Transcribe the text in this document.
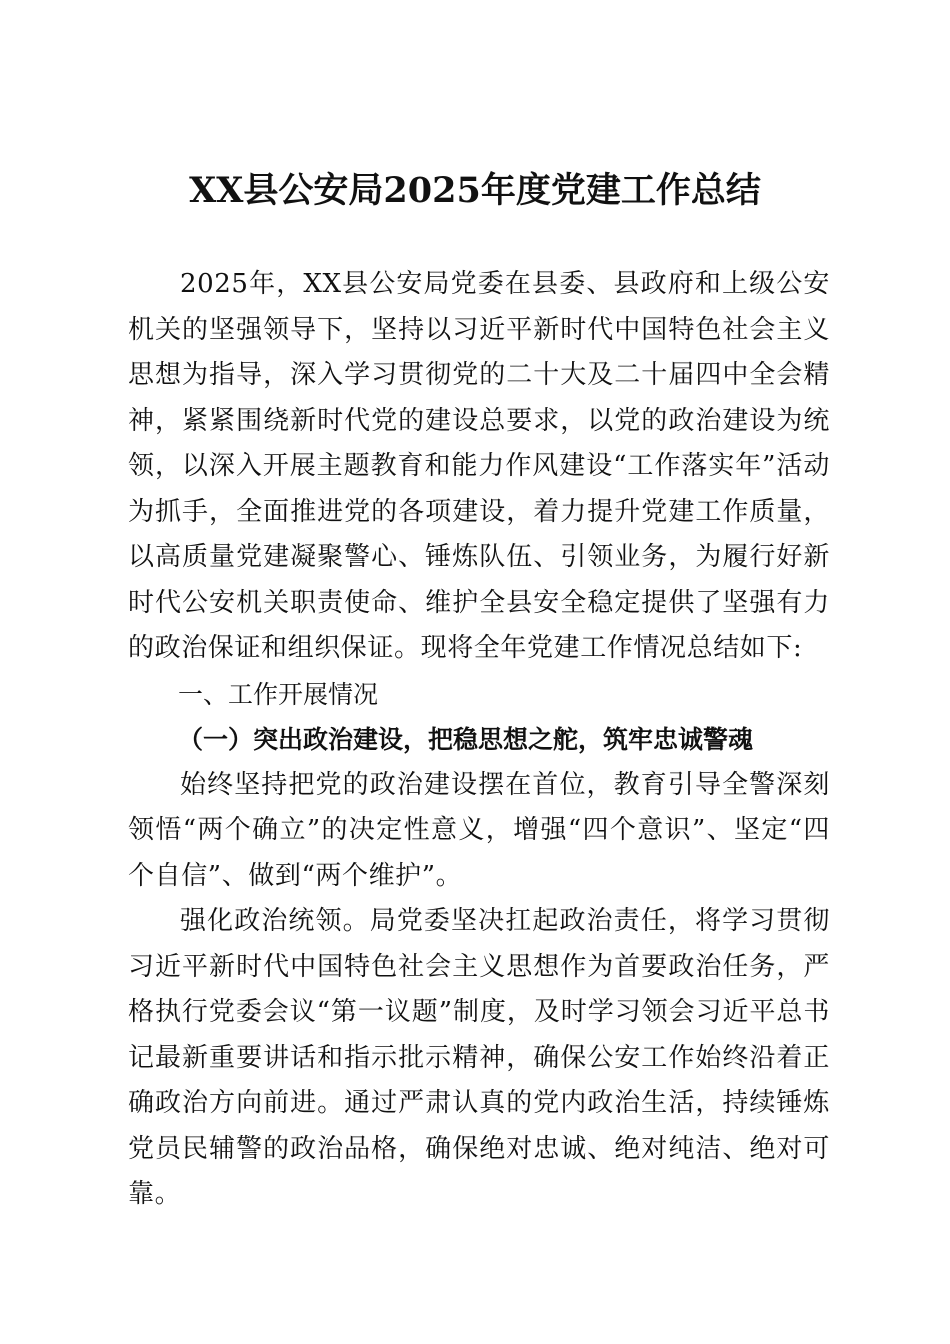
XX县公安局2025年度党建工作总结

2025年，XX县公安局党委在县委、县政府和上级公安机关的坚强领导下，坚持以习近平新时代中国特色社会主义思想为指导，深入学习贯彻党的二十大及二十届四中全会精神，紧紧围绕新时代党的建设总要求，以党的政治建设为统领，以深入开展主题教育和能力作风建设“工作落实年”活动为抓手，全面推进党的各项建设，着力提升党建工作质量，以高质量党建凝聚警心、锤炼队伍、引领业务，为履行好新时代公安机关职责使命、维护全县安全稳定提供了坚强有力的政治保证和组织保证。现将全年党建工作情况总结如下:

一、工作开展情况
（一）突出政治建设，把稳思想之舵，筑牢忠诚警魂

始终坚持把党的政治建设摆在首位，教育引导全警深刻领悟“两个确立”的决定性意义，增强“四个意识”、坚定“四个自信”、做到“两个维护”。

强化政治统领。局党委坚决扛起政治责任，将学习贯彻习近平新时代中国特色社会主义思想作为首要政治任务，严格执行党委会议“第一议题”制度，及时学习领会习近平总书记最新重要讲话和指示批示精神，确保公安工作始终沿着正确政治方向前进。通过严肃认真的党内政治生活，持续锤炼党员民辅警的政治品格，确保绝对忠诚、绝对纯洁、绝对可靠。
